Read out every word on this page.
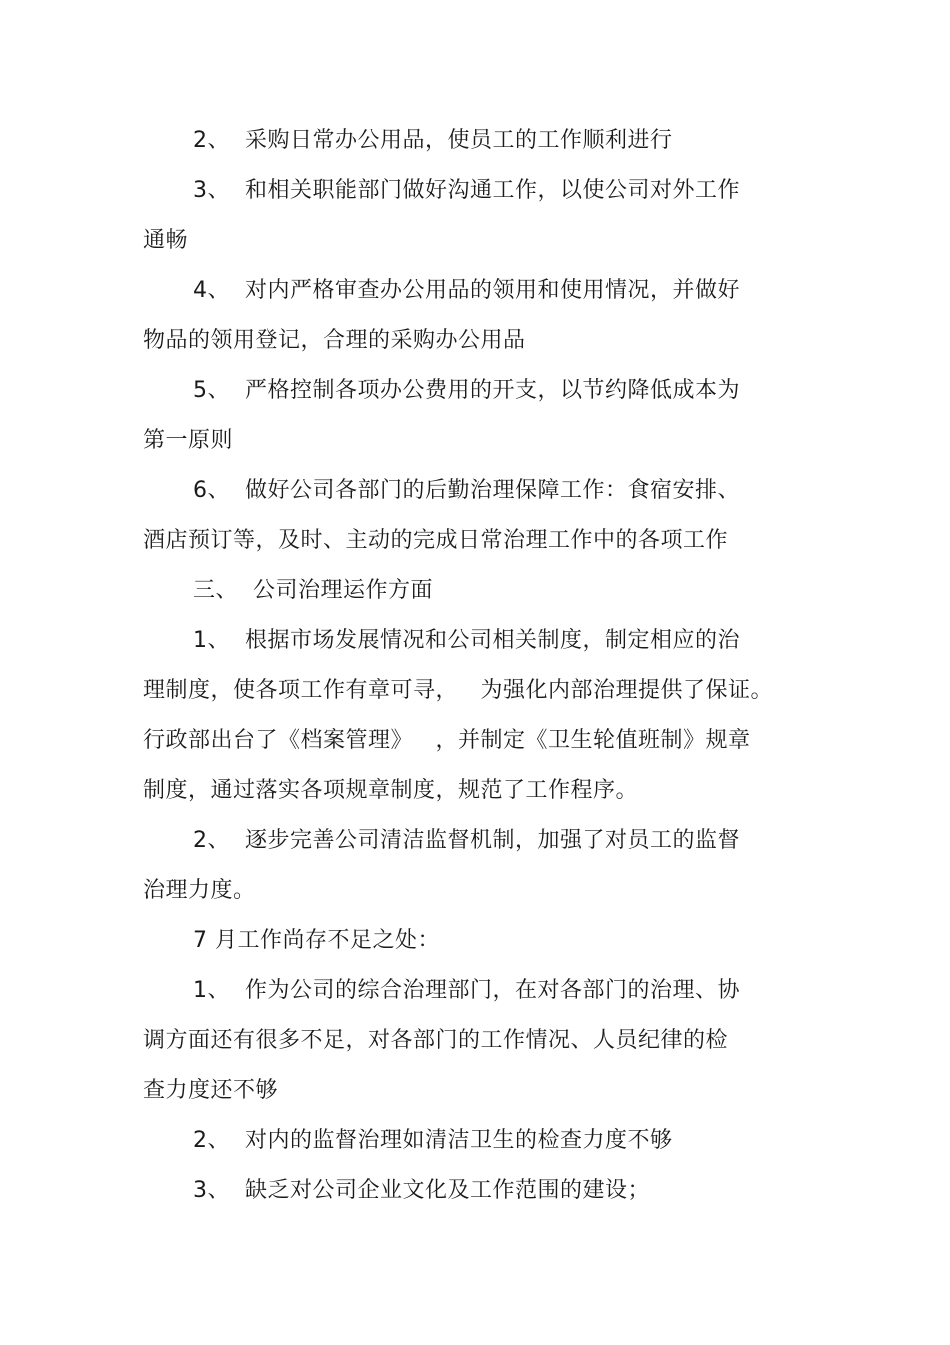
2、  采购日常办公用品，使员工的工作顺利进行
3、  和相关职能部门做好沟通工作，以使公司对外工作
通畅
4、  对内严格审查办公用品的领用和使用情况，并做好
物品的领用登记，合理的采购办公用品
5、  严格控制各项办公费用的开支，以节约降低成本为
第一原则
6、  做好公司各部门的后勤治理保障工作：食宿安排、
酒店预订等，及时、主动的完成日常治理工作中的各项工作
三、  公司治理运作方面
1、  根据市场发展情况和公司相关制度，制定相应的治
理制度，使各项工作有章可寻，   为强化内部治理提供了保证。
行政部出台了《档案管理》   ，并制定《卫生轮值班制》规章
制度，通过落实各项规章制度，规范了工作程序。
2、  逐步完善公司清洁监督机制，加强了对员工的监督
治理力度。
7 月工作尚存不足之处：
1、  作为公司的综合治理部门，在对各部门的治理、协
调方面还有很多不足，对各部门的工作情况、人员纪律的检
查力度还不够
2、  对内的监督治理如清洁卫生的检查力度不够
3、  缺乏对公司企业文化及工作范围的建设；
